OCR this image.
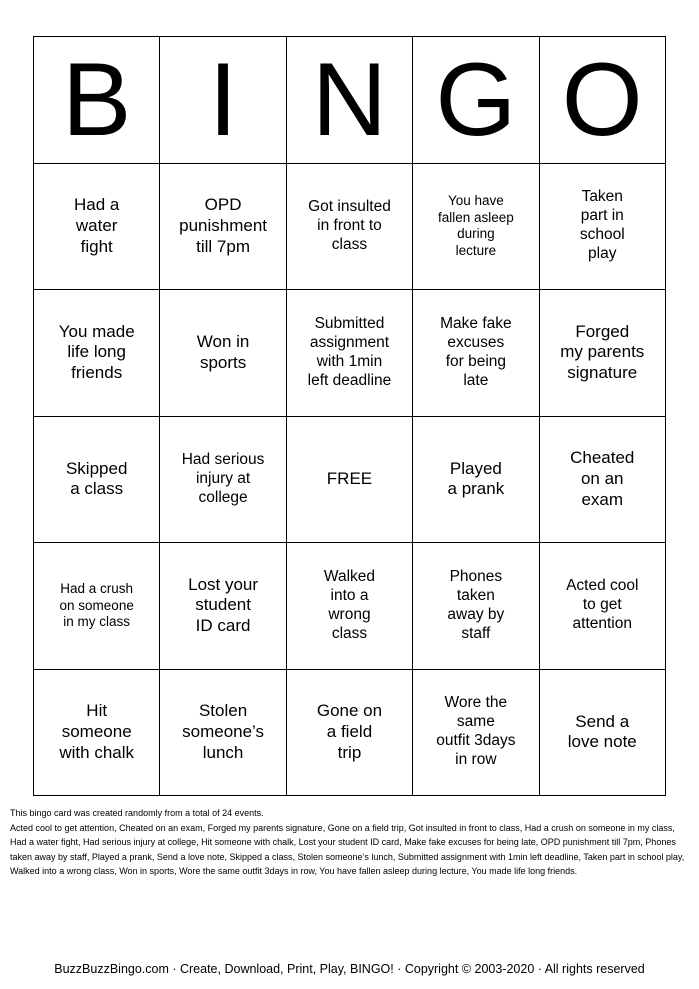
B I N G O
Had a
water
fight
OPD
punishment
till 7pm
Got insulted
in front to
class
You have
fallen asleep
during
lecture
Taken
part in
school
play
You made
life long
friends
Won in
sports
Submitted
assignment
with 1min
left deadline
Make fake
excuses
for being
late
Forged
my parents
signature
Skipped
a class
Had serious
injury at
college
FREE
Played
a prank
Cheated
on an
exam
Had a crush
on someone
in my class
Lost your
student
ID card
Walked
into a
wrong
class
Phones
taken
away by
staff
Acted cool
to get
attention
Hit
someone
with chalk
Stolen
someone’s
lunch
Gone on
a field
trip
Wore the
same
outfit 3days
in row
Send a
love note

This bingo card was created randomly from a total of 24 events.

Acted cool to get attention, Cheated on an exam, Forged my parents signature, Gone on a field trip, Got insulted in front to class, Had a crush on someone in my class, Had a water fight, Had serious injury at college, Hit someone with chalk, Lost your student ID card, Make fake excuses for being late, OPD punishment till 7pm, Phones taken away by staff, Played a prank, Send a love note, Skipped a class, Stolen someone’s lunch, Submitted assignment with 1min left deadline, Taken part in school play, Walked into a wrong class, Won in sports, Wore the same outfit 3days in row, You have fallen asleep during lecture, You made life long friends.

BuzzBuzzBingo.com · Create, Download, Print, Play, BINGO! · Copyright © 2003-2020 · All rights reserved
